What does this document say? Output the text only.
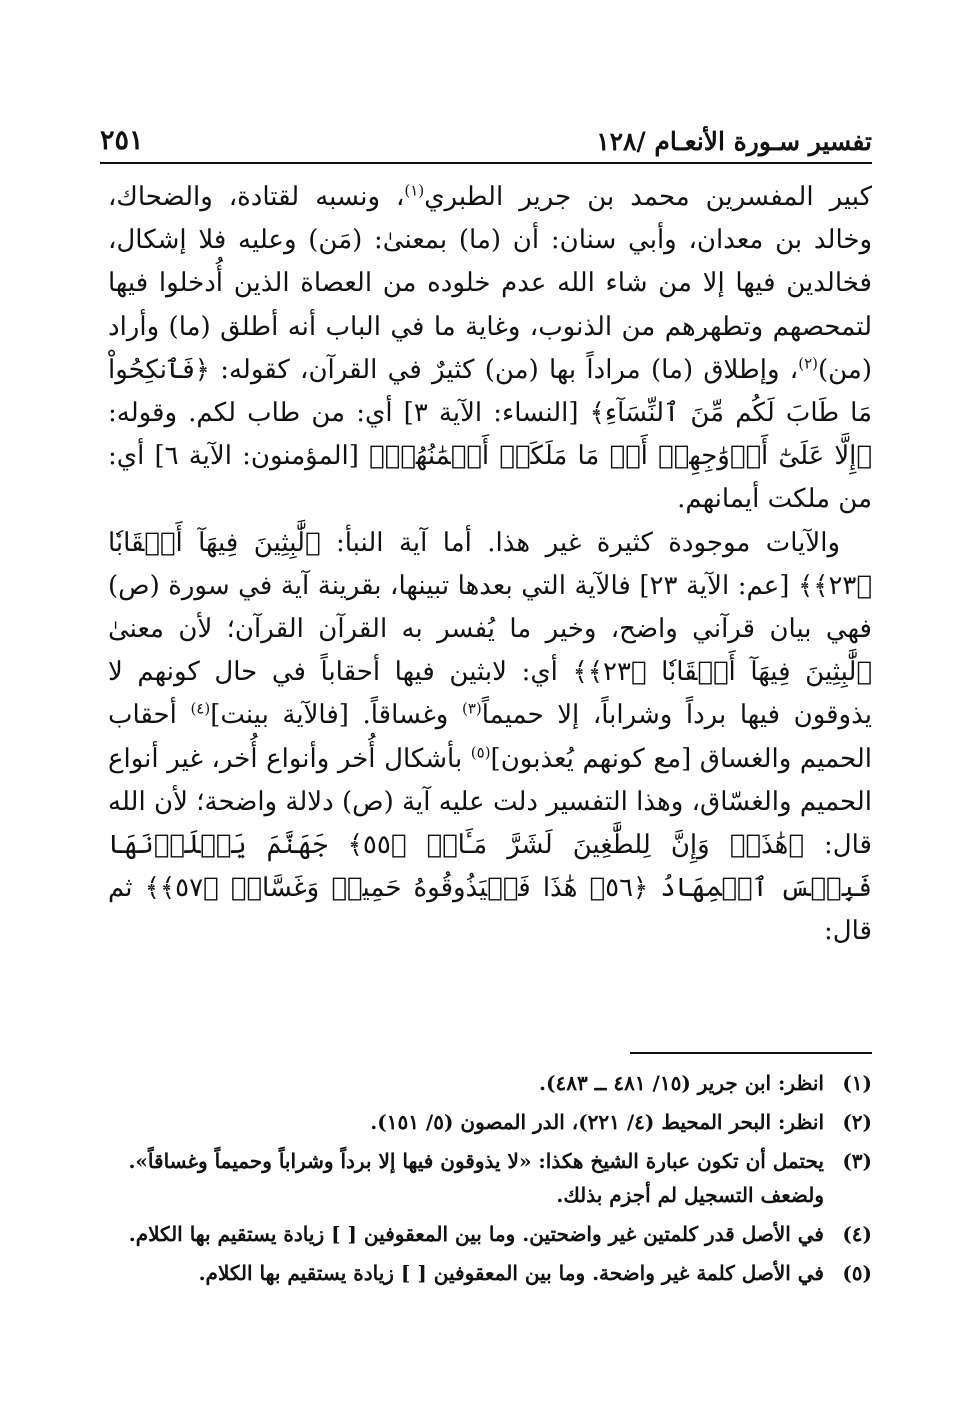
تفسير سـورة الأنعـام /١٢٨
٢٥١

كبير المفسرين محمد بن جرير الطبري$^{(١)}$، ونسبه لقتادة، والضحاك، وخالد بن معدان، وأبي سنان: أن (ما) بمعنىٰ: (مَن) وعليه فلا إشكال، فخالدين فيها إلا من شاء الله عدم خلوده من العصاة الذين أُدخلوا فيها لتمحصهم وتطهرهم من الذنوب، وغاية ما في الباب أنه أطلق (ما) وأراد (من)$^{(٢)}$، وإطلاق (ما) مراداً بها (من) كثيرٌ في القرآن، كقوله: ﴿فَٱنكِحُواْ مَا طَابَ لَكُم مِّنَ ٱلنِّسَآءِ﴾ [النساء: الآية ٣] أي: من طاب لكم. وقوله: ﴿إِلَّا عَلَىٰٓ أَزۡوَٰجِهِمۡ أَوۡ مَا مَلَكَتۡ أَيۡمَٰنُهُمۡ﴾ [المؤمنون: الآية ٦] أي: من ملكت أيمانهم.

والآيات موجودة كثيرة غير هذا. أما آية النبأ: ﴿لَّٰبِثِينَ فِيهَآ أَحۡقَابٗا ﴿٢٣﴾﴾ [عم: الآية ٢٣] فالآية التي بعدها تبينها، بقرينة آية في سورة (ص) فهي بيان قرآني واضح، وخير ما يُفسر به القرآن القرآن؛ لأن معنىٰ ﴿لَّٰبِثِينَ فِيهَآ أَحۡقَابٗا ﴿٢٣﴾﴾ أي: لابثين فيها أحقاباً في حال كونهم لا يذوقون فيها برداً وشراباً، إلا حميماً$^{(٣)}$ وغساقاً. [فالآية بينت]$^{(٤)}$ أحقاب الحميم والغساق [مع كونهم يُعذبون]$^{(٥)}$ بأشكال أُخر وأنواع أُخر، غير أنواع الحميم والغسّاق، وهذا التفسير دلت عليه آية (ص) دلالة واضحة؛ لأن الله قال: ﴿هَٰذَاۚ وَإِنَّ لِلطَّٰغِينَ لَشَرَّ مَـَٔابٖ ﴿٥٥﴾ جَهَنَّمَ يَصۡلَوۡنَهَا فَبِئۡسَ ٱلۡمِهَادُ ﴿٥٦﴾ هَٰذَا فَلۡيَذُوقُوهُ حَمِيمٞ وَغَسَّاقٞ ﴿٥٧﴾﴾ ثم قال:

(١)
انظر: ابن جرير (١٥/ ٤٨١ ــ ٤٨٣).
(٢)
انظر: البحر المحيط (٤/ ٢٢١)، الدر المصون (٥/ ١٥١).
(٣)
يحتمل أن تكون عبارة الشيخ هكذا: «لا يذوقون فيها إلا برداً وشراباً وحميماً وغساقاً». ولضعف التسجيل لم أجزم بذلك.
(٤)
في الأصل قدر كلمتين غير واضحتين. وما بين المعقوفين [ ] زيادة يستقيم بها الكلام.
(٥)
في الأصل كلمة غير واضحة. وما بين المعقوفين [ ] زيادة يستقيم بها الكلام.
